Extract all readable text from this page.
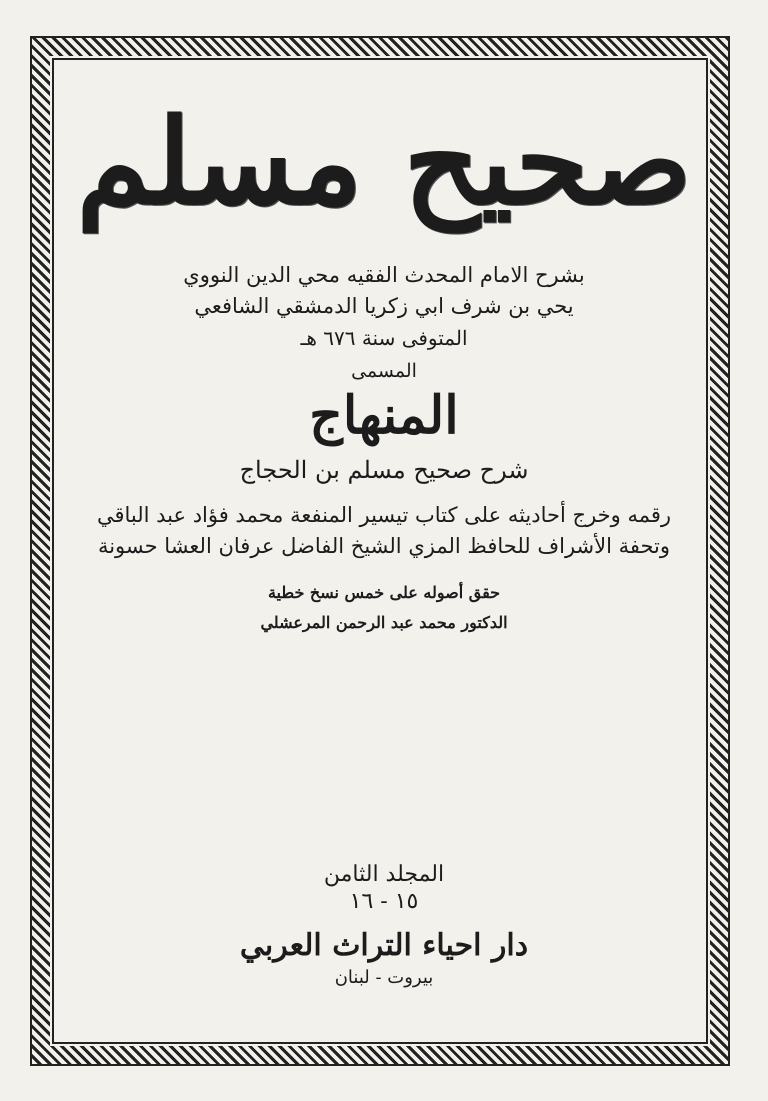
صحيح مسلم
بشرح الامام المحدث الفقيه محي الدين النووي
يحي بن شرف ابي زكريا الدمشقي الشافعي
المتوفى سنة ٦٧٦ هـ
المسمى
المنهاج
شرح صحيح مسلم بن الحجاج
رقمه وخرج أحاديثه على كتاب تيسير المنفعة محمد فؤاد عبد الباقي
وتحفة الأشراف للحافظ المزي الشيخ الفاضل عرفان العشا حسونة
حقق أصوله على خمس نسخ خطية
الدكتور محمد عبد الرحمن المرعشلي
المجلد الثامن
١٥ - ١٦
دار احياء التراث العربي
بيروت - لبنان
